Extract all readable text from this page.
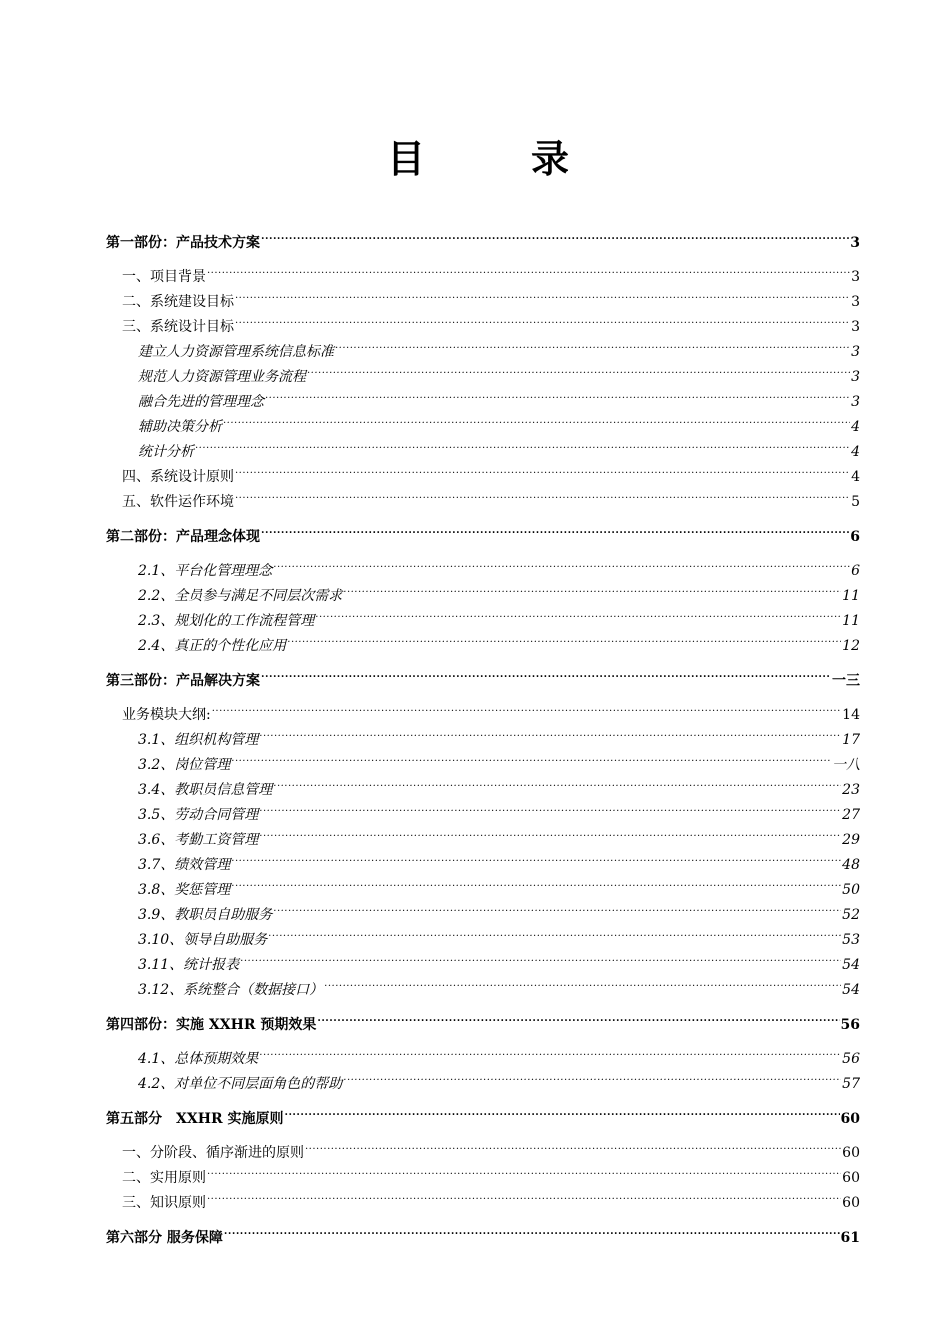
目　录
第一部份：产品技术方案 .....	3
一、项目背景 .....	3
二、系统建设目标 .....	3
三、系统设计目标 .....	3
建立人力资源管理系统信息标准 .....	3
规范人力资源管理业务流程 .....	3
融合先进的管理理念 .....	3
辅助决策分析 .....	4
统计分析 .....	4
四、系统设计原则 .....	4
五、软件运作环境 .....	5
第二部份：产品理念体现 .....	6
2.1、平台化管理理念 .....	6
2.2、全员参与满足不同层次需求 .....	11
2.3、规划化的工作流程管理 .....	11
2.4、真正的个性化应用 .....	12
第三部份：产品解决方案 .....	一三
业务模块大纲: .....	14
3.1、组织机构管理 .....	17
3.2、岗位管理 .....	一八
3.4、教职员信息管理 .....	23
3.5、劳动合同管理 .....	27
3.6、考勤工资管理 .....	29
3.7、绩效管理 .....	48
3.8、奖惩管理 .....	50
3.9、教职员自助服务 .....	52
3.10、领导自助服务 .....	53
3.11、统计报表 .....	54
3.12、系统整合（数据接口） .....	54
第四部份：实施 XXHR 预期效果 .....	56
4.1、总体预期效果 .....	56
4.2、对单位不同层面角色的帮助 .....	57
第五部分　XXHR 实施原则 .....	60
一、分阶段、循序渐进的原则 .....	60
二、实用原则 .....	60
三、知识原则 .....	60
第六部分 服务保障 .....	61
